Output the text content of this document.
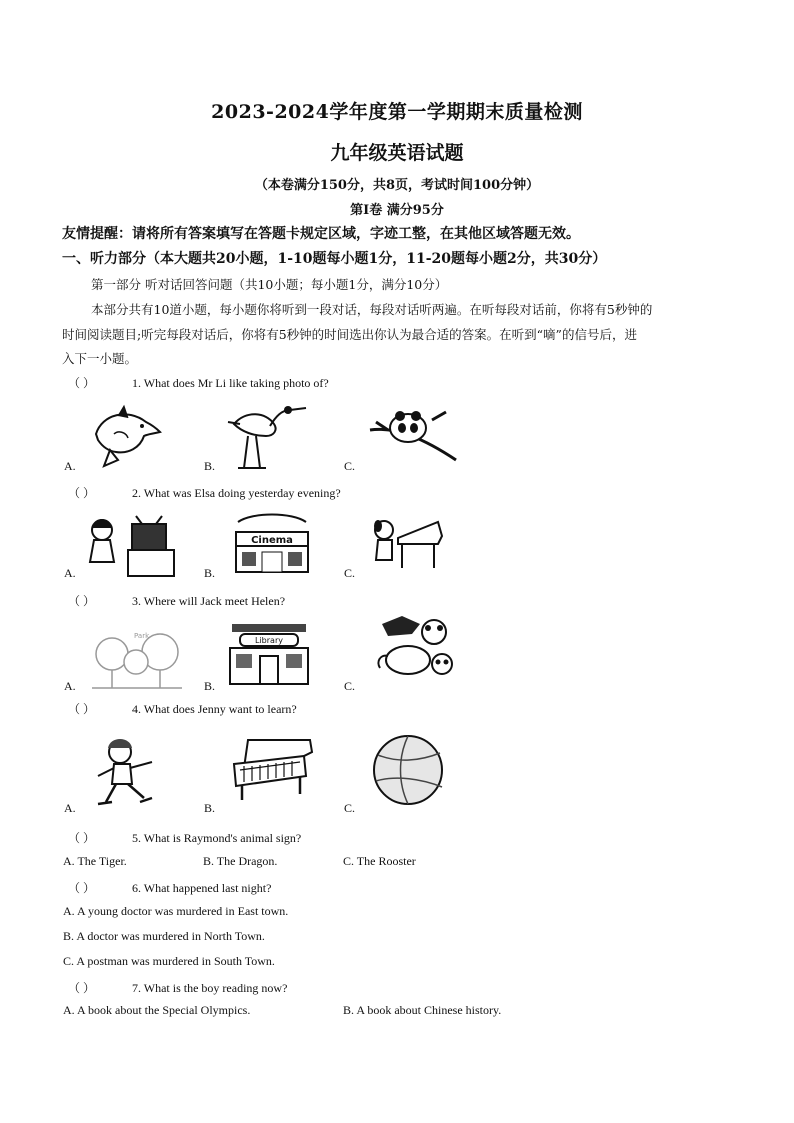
2023-2024学年度第一学期期末质量检测
九年级英语试题
（本卷满分150分，共8页，考试时间100分钟）
第Ⅰ卷 满分95分
友情提醒：请将所有答案填写在答题卡规定区域，字迹工整，在其他区域答题无效。
一、听力部分（本大题共20小题，1-10题每小题1分，11-20题每小题2分，共30分）
第一部分 听对话回答问题（共10小题；每小题1分，满分10分）
本部分共有10道小题，每小题你将听到一段对话，每段对话听两遍。在听每段对话前，你将有5秒钟的
时间阅读题目;听完每段对话后，你将有5秒钟的时间选出你认为最合适的答案。在听到“嘀”的信号后，进
入下一小题。
（ ）	1. What does Mr Li like taking photo of?
A.	B.	C.
（ ）	2. What was Elsa doing yesterday evening?
A.
Cinema
B.	C.
（ ）	3. Where will Jack meet Helen?
Park
A.
Library
B.	C.
（ ）	4. What does Jenny want to learn?
A.	B.	C.
（ ）	5. What is Raymond's animal sign?
A. The Tiger.	B. The Dragon.	C. The Rooster
（ ）	6. What happened last night?
A. A young doctor was murdered in East town.
B. A doctor was murdered in North Town.
C. A postman was murdered in South Town.
（ ）	7. What is the boy reading now?
A. A book about the Special Olympics.	B. A book about Chinese history.
